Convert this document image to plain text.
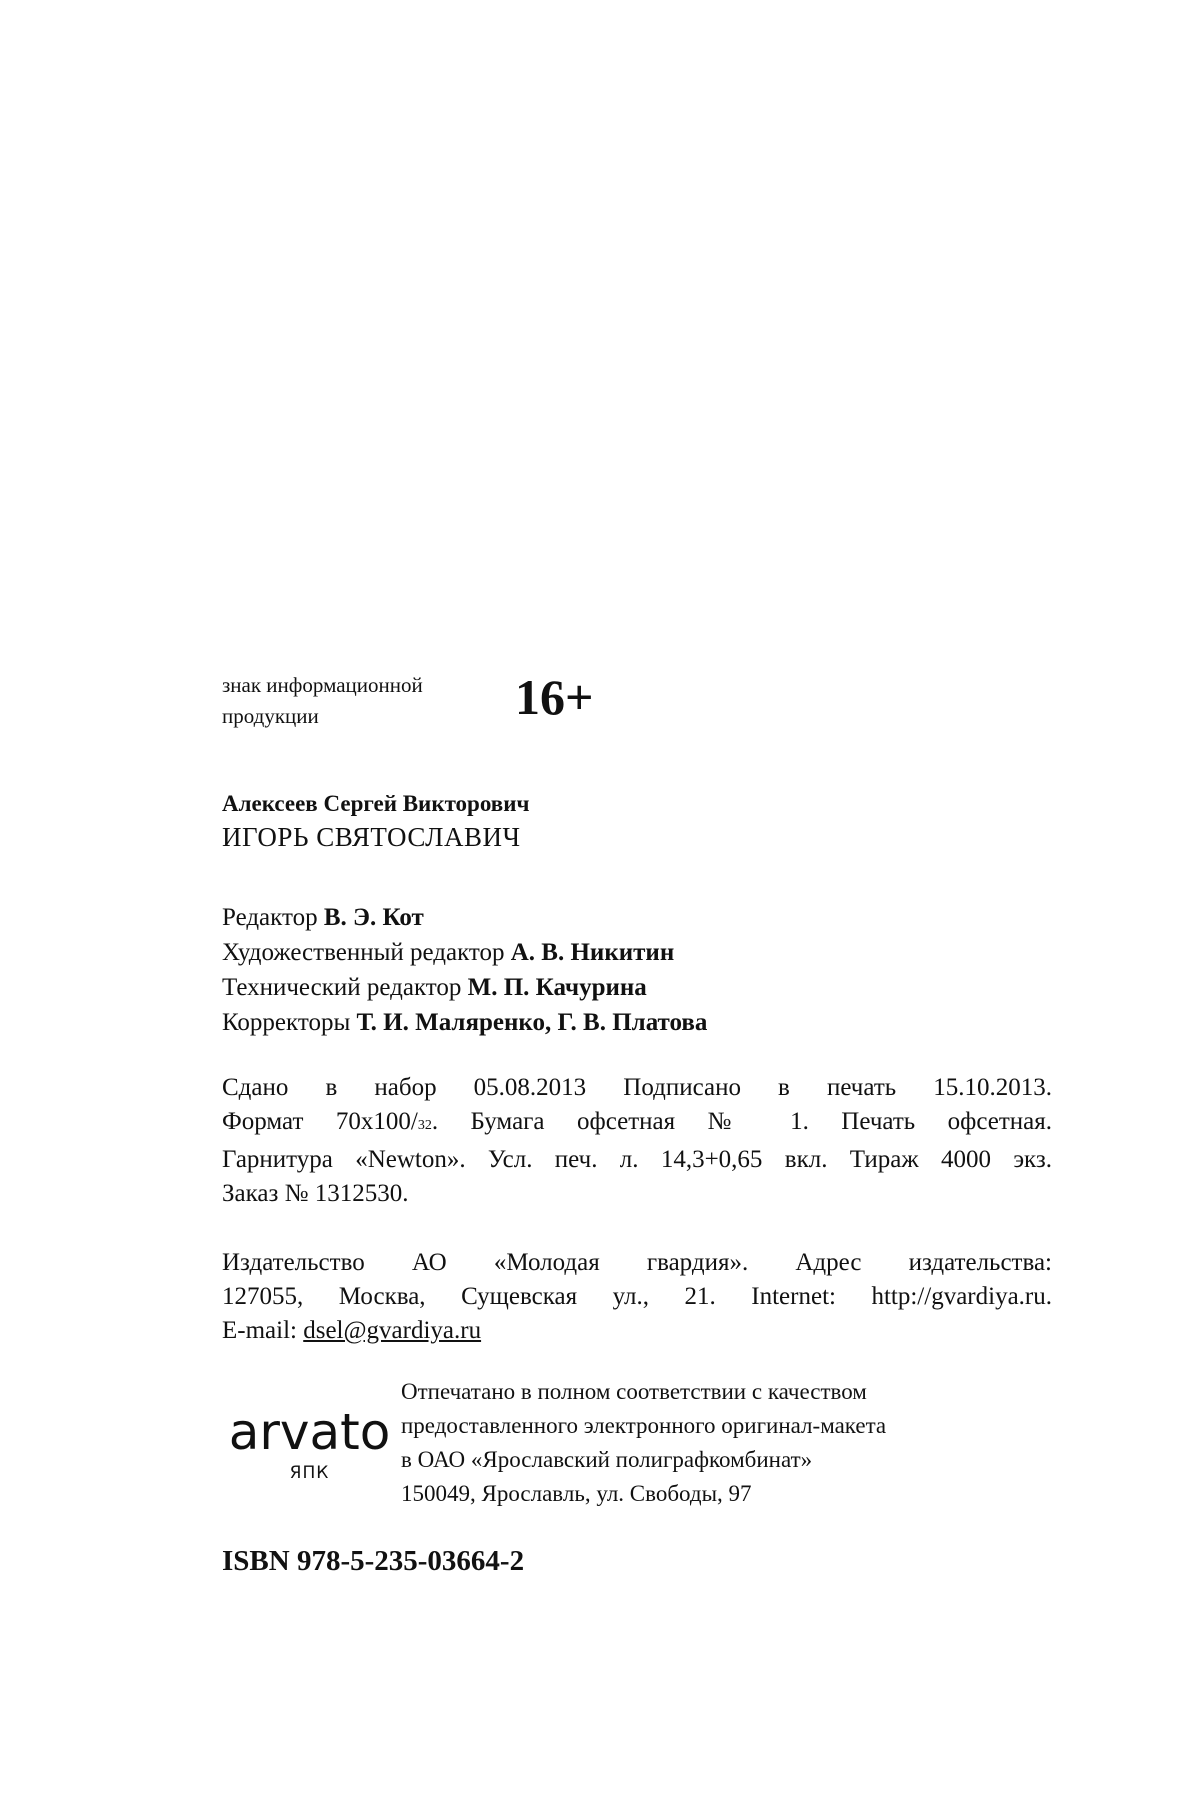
знак информационной
продукции	16+
Алексеев Сергей Викторович
ИГОРЬ СВЯТОСЛАВИЧ
Редактор В. Э. Кот
Художественный редактор А. В. Никитин
Технический редактор М. П. Качурина
Корректоры Т. И. Маляренко, Г. В. Платова
Сдано в набор 05.08.2013 Подписано в печать 15.10.2013.
Формат 70х100/32. Бумага офсетная № 1. Печать офсетная.
Гарнитура «Newton». Усл. печ. л. 14,3+0,65 вкл. Тираж 4000 экз.
Заказ № 1312530.
Издательство АО «Молодая гвардия». Адрес издательства:
127055, Москва, Сущевская ул., 21. Internet: http://gvardiya.ru.
E-mail: dsel@gvardiya.ru
arvato
ЯПК
Отпечатано в полном соответствии с качеством
предоставленного электронного оригинал-макета
в ОАО «Ярославский полиграфкомбинат»
150049, Ярославль, ул. Свободы, 97
ISBN 978-5-235-03664-2
